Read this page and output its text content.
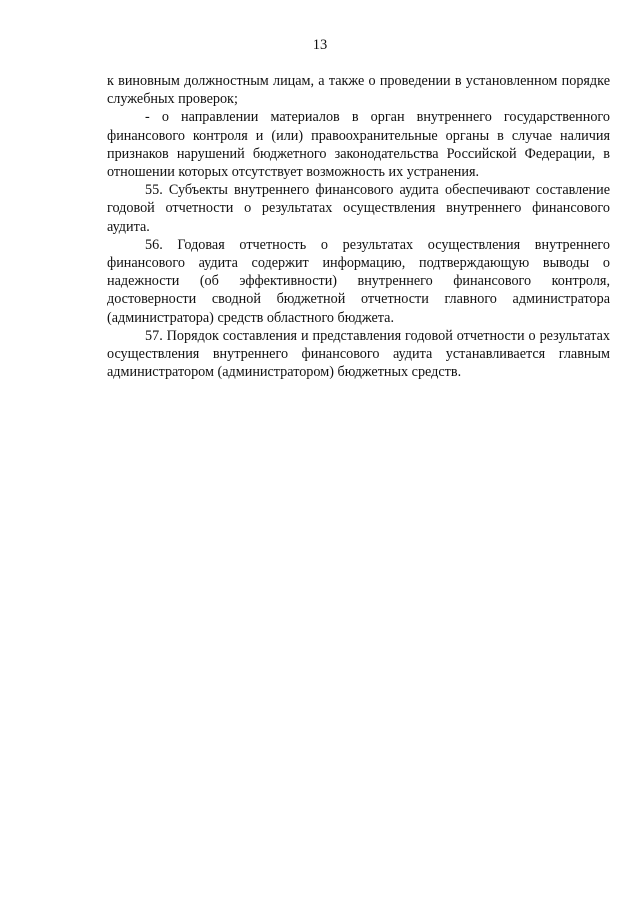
13

к виновным должностным лицам, а также о проведении в установленном порядке служебных проверок;

- о направлении материалов в орган внутреннего государственного финансового контроля и (или) правоохранительные органы в случае наличия признаков нарушений бюджетного законодательства Российской Федерации, в отношении которых отсутствует возможность их устранения.

55. Субъекты внутреннего финансового аудита обеспечивают составление годовой отчетности о результатах осуществления внутреннего финансового аудита.

56. Годовая отчетность о результатах осуществления внутреннего финансового аудита содержит информацию, подтверждающую выводы о надежности (об эффективности) внутреннего финансового контроля, достоверности сводной бюджетной отчетности главного администратора (администратора) средств областного бюджета.

57. Порядок составления и представления годовой отчетности о результатах осуществления внутреннего финансового аудита устанавливается главным администратором (администратором) бюджетных средств.
